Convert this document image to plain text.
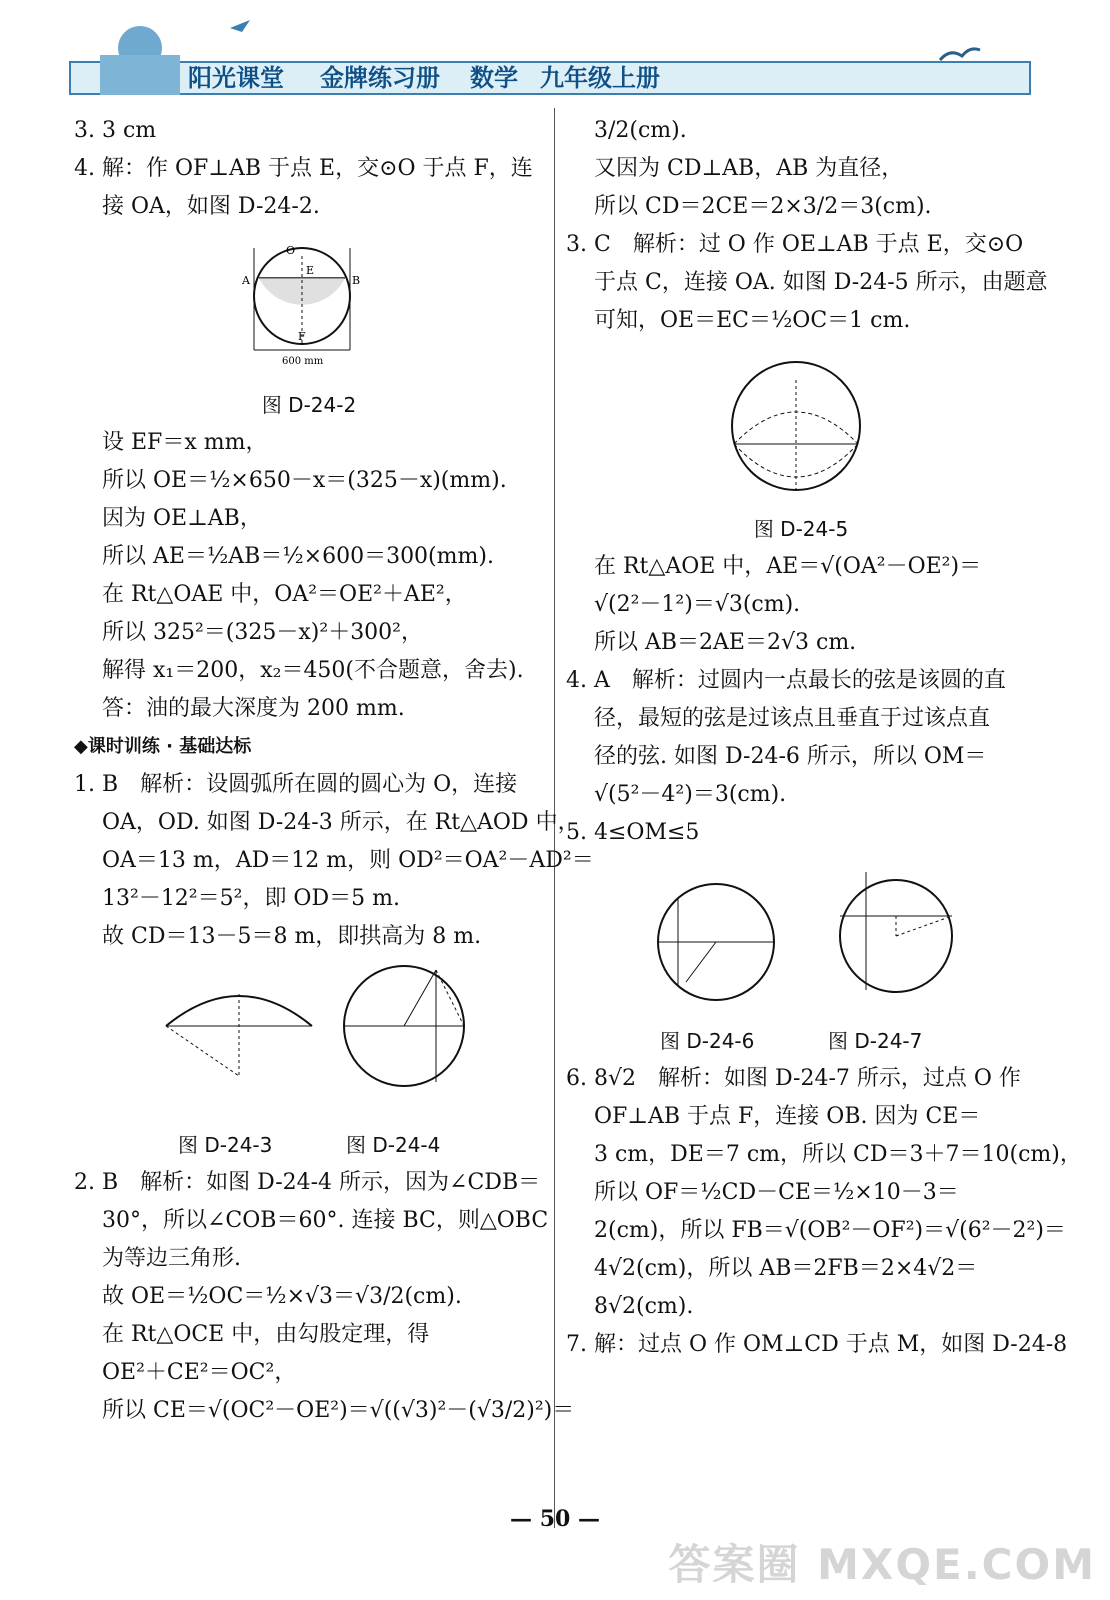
阳光课堂 金牌练习册 数学 九年级上册

3. 3 cm

4. 解：作 OF⊥AB 于点 E，交⊙O 于点 F，连

接 OA，如图 D-24-2.

O
E
A	B
F
600 mm

图 D-24-2

设 EF＝x mm，

所以 OE＝½×650－x＝(325－x)(mm).

因为 OE⊥AB，

所以 AE＝½AB＝½×600＝300(mm).

在 Rt△OAE 中，OA²＝OE²＋AE²，

所以 325²＝(325－x)²＋300²，

解得 x₁＝200，x₂＝450(不合题意，舍去).

答：油的最大深度为 200 mm.

◆课时训练 · 基础达标

1. B　解析：设圆弧所在圆的圆心为 O，连接

OA，OD. 如图 D-24-3 所示，在 Rt△AOD 中，

OA＝13 m，AD＝12 m，则 OD²＝OA²－AD²＝

13²－12²＝5²，即 OD＝5 m.

故 CD＝13－5＝8 m，即拱高为 8 m.

图 D-24-3	图 D-24-4

2. B　解析：如图 D-24-4 所示，因为∠CDB＝

30°，所以∠COB＝60°. 连接 BC，则△OBC

为等边三角形.

故 OE＝½OC＝½×√3＝√3/2(cm).

在 Rt△OCE 中，由勾股定理，得

OE²＋CE²＝OC²，

所以 CE＝√(OC²－OE²)＝√((√3)²－(√3/2)²)＝

3/2(cm).

又因为 CD⊥AB，AB 为直径，

所以 CD＝2CE＝2×3/2＝3(cm).

3. C　解析：过 O 作 OE⊥AB 于点 E，交⊙O

于点 C，连接 OA. 如图 D-24-5 所示，由题意

可知，OE＝EC＝½OC＝1 cm.

图 D-24-5

在 Rt△AOE 中，AE＝√(OA²－OE²)＝

√(2²－1²)＝√3(cm).

所以 AB＝2AE＝2√3 cm.

4. A　解析：过圆内一点最长的弦是该圆的直

径，最短的弦是过该点且垂直于过该点直

径的弦. 如图 D-24-6 所示，所以 OM＝

√(5²－4²)＝3(cm).

5. 4≤OM≤5

图 D-24-6	图 D-24-7

6. 8√2　解析：如图 D-24-7 所示，过点 O 作

OF⊥AB 于点 F，连接 OB. 因为 CE＝

3 cm，DE＝7 cm，所以 CD＝3＋7＝10(cm)，

所以 OF＝½CD－CE＝½×10－3＝

2(cm)，所以 FB＝√(OB²－OF²)＝√(6²－2²)＝

4√2(cm)，所以 AB＝2FB＝2×4√2＝

8√2(cm).

7. 解：过点 O 作 OM⊥CD 于点 M，如图 D-24-8

— 50 —
答案圈 MXQE.COM
